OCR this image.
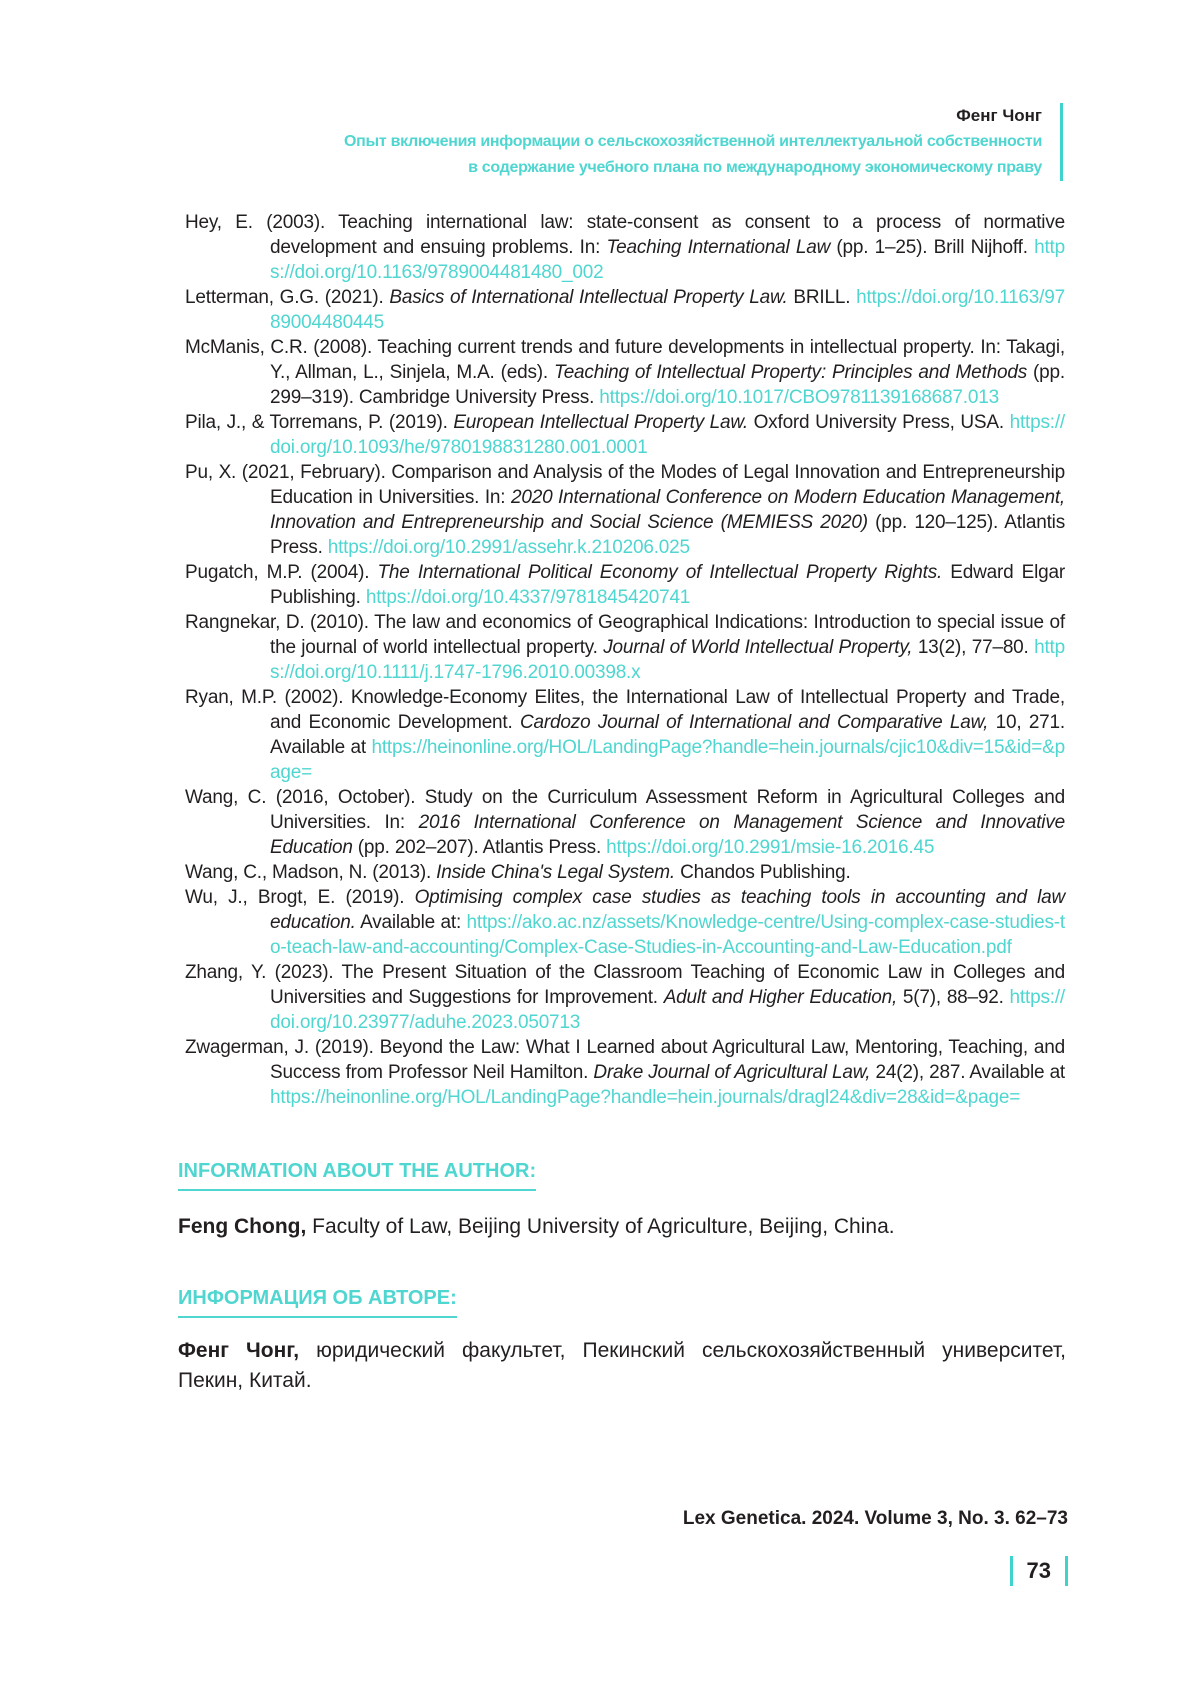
Фенг Чонг
Опыт включения информации о сельскохозяйственной интеллектуальной собственности
в содержание учебного плана по международному экономическому праву

Hey, E. (2003). Teaching international law: state-consent as consent to a process of normative development and ensuing problems. In: Teaching International Law (pp. 1–25). Brill Nijhoff. https://doi.org/10.1163/9789004481480_002

Letterman, G.G. (2021). Basics of International Intellectual Property Law. BRILL. https://doi.org/10.1163/9789004480445

McManis, C.R. (2008). Teaching current trends and future developments in intellectual property. In: Takagi, Y., Allman, L., Sinjela, M.A. (eds). Teaching of Intellectual Property: Principles and Methods (pp. 299–319). Cambridge University Press. https://doi.org/10.1017/CBO9781139168687.013

Pila, J., & Torremans, P. (2019). European Intellectual Property Law. Oxford University Press, USA. https://doi.org/10.1093/he/9780198831280.001.0001

Pu, X. (2021, February). Comparison and Analysis of the Modes of Legal Innovation and Entrepreneurship Education in Universities. In: 2020 International Conference on Modern Education Management, Innovation and Entrepreneurship and Social Science (MEMIESS 2020) (pp. 120–125). Atlantis Press. https://doi.org/10.2991/assehr.k.210206.025

Pugatch, M.P. (2004). The International Political Economy of Intellectual Property Rights. Edward Elgar Publishing. https://doi.org/10.4337/9781845420741

Rangnekar, D. (2010). The law and economics of Geographical Indications: Introduction to special issue of the journal of world intellectual property. Journal of World Intellectual Property, 13(2), 77–80. https://doi.org/10.1111/j.1747-1796.2010.00398.x

Ryan, M.P. (2002). Knowledge-Economy Elites, the International Law of Intellectual Property and Trade, and Economic Development. Cardozo Journal of International and Comparative Law, 10, 271. Available at https://heinonline.org/HOL/LandingPage?handle=hein.journals/cjic10&div=15&id=&page=

Wang, C. (2016, October). Study on the Curriculum Assessment Reform in Agricultural Colleges and Universities. In: 2016 International Conference on Management Science and Innovative Education (pp. 202–207). Atlantis Press. https://doi.org/10.2991/msie-16.2016.45

Wang, C., Madson, N. (2013). Inside China's Legal System. Chandos Publishing.

Wu, J., Brogt, E. (2019). Optimising complex case studies as teaching tools in accounting and law education. Available at: https://ako.ac.nz/assets/Knowledge-centre/Using-complex-case-studies-to-teach-law-and-accounting/Complex-Case-Studies-in-Accounting-and-Law-Education.pdf

Zhang, Y. (2023). The Present Situation of the Classroom Teaching of Economic Law in Colleges and Universities and Suggestions for Improvement. Adult and Higher Education, 5(7), 88–92. https://doi.org/10.23977/aduhe.2023.050713

Zwagerman, J. (2019). Beyond the Law: What I Learned about Agricultural Law, Mentoring, Teaching, and Success from Professor Neil Hamilton. Drake Journal of Agricultural Law, 24(2), 287. Available at https://heinonline.org/HOL/LandingPage?handle=hein.journals/dragl24&div=28&id=&page=

INFORMATION ABOUT THE AUTHOR:
Feng Chong, Faculty of Law, Beijing University of Agriculture, Beijing, China.
ИНФОРМАЦИЯ ОБ АВТОРЕ:
Фенг Чонг, юридический факультет, Пекинский сельскохозяйственный университет, Пекин, Китай.
Lex Genetica. 2024. Volume 3, No. 3. 62–73
73
